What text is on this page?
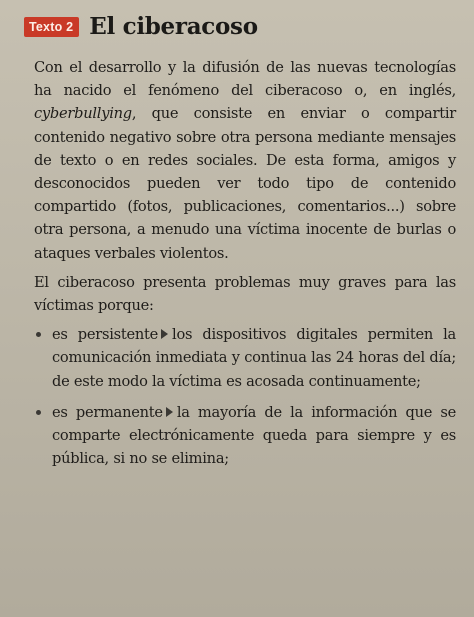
Texto 2 El ciberacoso

Con el desarrollo y la difusión de las nuevas tecnologías ha nacido el fenómeno del ciberacoso o, en inglés, cyberbullying, que consiste en enviar o compartir contenido negativo sobre otra persona mediante mensajes de texto o en redes sociales. De esta forma, amigos y desconocidos pueden ver todo tipo de contenido compartido (fotos, publicaciones, comentarios...) sobre otra persona, a menudo una víctima inocente de burlas o ataques verbales violentos.

El ciberacoso presenta problemas muy graves para las víctimas porque:

es persistente los dispositivos digitales permiten la comunicación inmediata y continua las 24 horas del día; de este modo la víctima es acosada continuamente;
es permanente la mayoría de la información que se comparte electrónicamente queda para siempre y es pública, si no se elimina;
